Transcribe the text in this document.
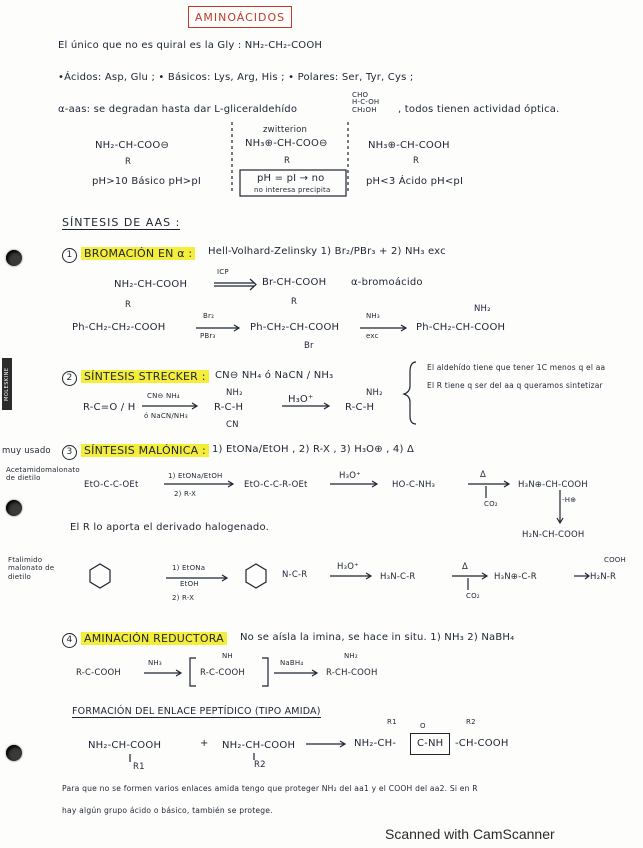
MOLESKINE
AMINOÁCIDOS
El único que no es quiral es la Gly : NH₂-CH₂-COOH
•Ácidos: Asp, Glu ; • Básicos: Lys, Arg, His ; • Polares: Ser, Tyr, Cys ;
α-aas: se degradan hasta dar L-gliceraldehído
CHO
H-C-OH
CH₂OH , todos tienen actividad óptica.
NH₂-CH-COO⊖
R
pH>10 Básico pH>pI
zwitterion
NH₃⊕-CH-COO⊖
R
pH = pI → no
no interesa precipita
NH₃⊕-CH-COOH
R
pH<3 Ácido pH<pI
SÍNTESIS DE AAS :
1 BROMACIÓN EN α :	Hell-Volhard-Zelinsky 1) Br₂/PBr₃ + 2) NH₃ exc
NH₂-CH-COOH
R
ICP
Br-CH-COOH
R
α-bromoácido
Ph-CH₂-CH₂-COOH
Br₂
PBr₃
Ph-CH₂-CH-COOH
Br
NH₃
exc
NH₂
Ph-CH₂-CH-COOH
2 SÍNTESIS STRECKER : CN⊖ NH₄ ó NaCN / NH₃
El aldehído tiene que tener 1C menos q el aa
El R tiene q ser del aa q queramos sintetizar
R-C=O / H
CN⊖ NH₄
ó NaCN/NH₃
NH₂
R-C-H
CN
H₃O⁺
NH₂
R-C-H
muy usado	3 SÍNTESIS MALÓNICA : 1) EtONa/EtOH , 2) R-X , 3) H₃O⊕ , 4) Δ
Acetamidomalonato de dietilo
EtO-C-C-OEt
1) EtONa/EtOH
2) R-X
EtO-C-C-R-OEt
H₃O⁺
HO-C-NH₃
Δ
CO₂
H₃N⊕-CH-COOH
-H⊕
H₂N-CH-COOH
El R lo aporta el derivado halogenado.
Ftalimido malonato de dietilo
1) EtONa
EtOH
2) R-X
N-C-R
H₃O⁺
H₃N-C-R
Δ
CO₂
H₃N⊕-C-R
COOH
H₂N-R
4 AMINACIÓN REDUCTORA	No se aísla la imina, se hace in situ. 1) NH₃ 2) NaBH₄
R-C-COOH
NH₃
NH
R-C-COOH
NaBH₄
NH₂
R-CH-COOH
FORMACIÓN DEL ENLACE PEPTÍDICO (TIPO AMIDA)
NH₂-CH-COOH
R1
+ NH₂-CH-COOH
R2
R1	O	R2
NH₂-CH-	C-NH	-CH-COOH
Para que no se formen varios enlaces amida tengo que proteger NH₂ del aa1 y el COOH del aa2. Si en R
hay algún grupo ácido o básico, también se protege.
Scanned with CamScanner
